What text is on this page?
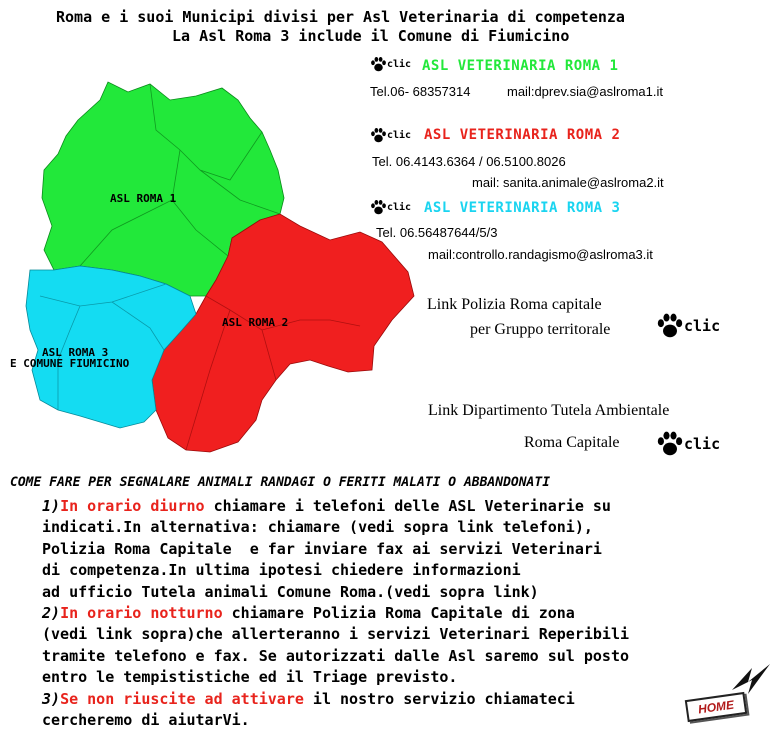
Roma e i suoi Municipi divisi per Asl Veterinaria di competenza
La Asl Roma 3 include il Comune di Fiumicino
ASL ROMA 1
ASL ROMA 2
ASL ROMA 3
E COMUNE FIUMICINO
clic ASL VETERINARIA ROMA 1
Tel.06- 68357314	mail:dprev.sia@aslroma1.it
clic ASL VETERINARIA ROMA 2
Tel. 06.4143.6364 / 06.5100.8026
mail: sanita.animale@aslroma2.it
clic ASL VETERINARIA ROMA 3
Tel. 06.56487644/5/3
mail:controllo.randagismo@aslroma3.it
Link Polizia Roma capitale
per Gruppo territorale	clic
Link Dipartimento Tutela Ambientale
Roma Capitale	clic
COME FARE PER SEGNALARE ANIMALI RANDAGI O FERITI MALATI O ABBANDONATI
1)In orario diurno chiamare i telefoni delle ASL Veterinarie su
indicati.In alternativa: chiamare (vedi sopra link telefoni),
Polizia Roma Capitale  e far inviare fax ai servizi Veterinari
di competenza.In ultima ipotesi chiedere informazioni
ad ufficio Tutela animali Comune Roma.(vedi sopra link)
2)In orario notturno chiamare Polizia Roma Capitale di zona
(vedi link sopra)che allerteranno i servizi Veterinari Reperibili
tramite telefono e fax. Se autorizzati dalle Asl saremo sul posto
entro le tempististiche ed il Triage previsto.
3)Se non riuscite ad attivare il nostro servizio chiamateci
cercheremo di aiutarVi.
HOME
